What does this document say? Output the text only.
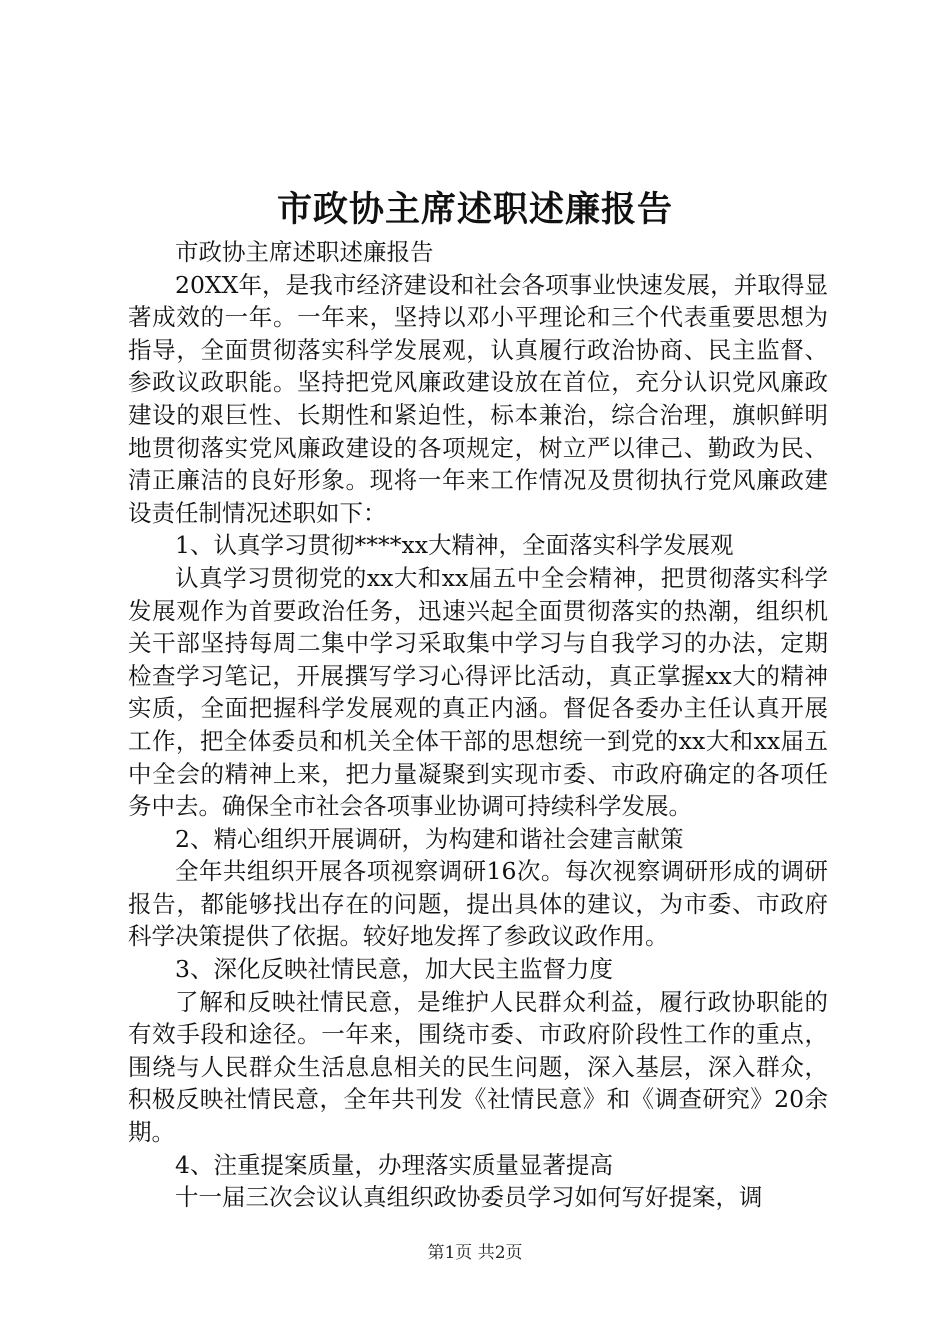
市政协主席述职述廉报告

市政协主席述职述廉报告

20XX年，是我市经济建设和社会各项事业快速发展，并取得显著成效的一年。一年来，坚持以邓小平理论和三个代表重要思想为指导，全面贯彻落实科学发展观，认真履行政治协商、民主监督、参政议政职能。坚持把党风廉政建设放在首位，充分认识党风廉政建设的艰巨性、长期性和紧迫性，标本兼治，综合治理，旗帜鲜明地贯彻落实党风廉政建设的各项规定，树立严以律己、勤政为民、清正廉洁的良好形象。现将一年来工作情况及贯彻执行党风廉政建设责任制情况述职如下：

1、认真学习贯彻****xx大精神，全面落实科学发展观

认真学习贯彻党的xx大和xx届五中全会精神，把贯彻落实科学发展观作为首要政治任务，迅速兴起全面贯彻落实的热潮，组织机关干部坚持每周二集中学习采取集中学习与自我学习的办法，定期检查学习笔记，开展撰写学习心得评比活动，真正掌握xx大的精神实质，全面把握科学发展观的真正内涵。督促各委办主任认真开展工作，把全体委员和机关全体干部的思想统一到党的xx大和xx届五中全会的精神上来，把力量凝聚到实现市委、市政府确定的各项任务中去。确保全市社会各项事业协调可持续科学发展。

2、精心组织开展调研，为构建和谐社会建言献策

全年共组织开展各项视察调研16次。每次视察调研形成的调研报告，都能够找出存在的问题，提出具体的建议，为市委、市政府科学决策提供了依据。较好地发挥了参政议政作用。

3、深化反映社情民意，加大民主监督力度

了解和反映社情民意，是维护人民群众利益，履行政协职能的有效手段和途径。一年来，围绕市委、市政府阶段性工作的重点，围绕与人民群众生活息息相关的民生问题，深入基层，深入群众，积极反映社情民意，全年共刊发《社情民意》和《调查研究》20余期。

4、注重提案质量，办理落实质量显著提高

十一届三次会议认真组织政协委员学习如何写好提案，调

第1页 共2页
